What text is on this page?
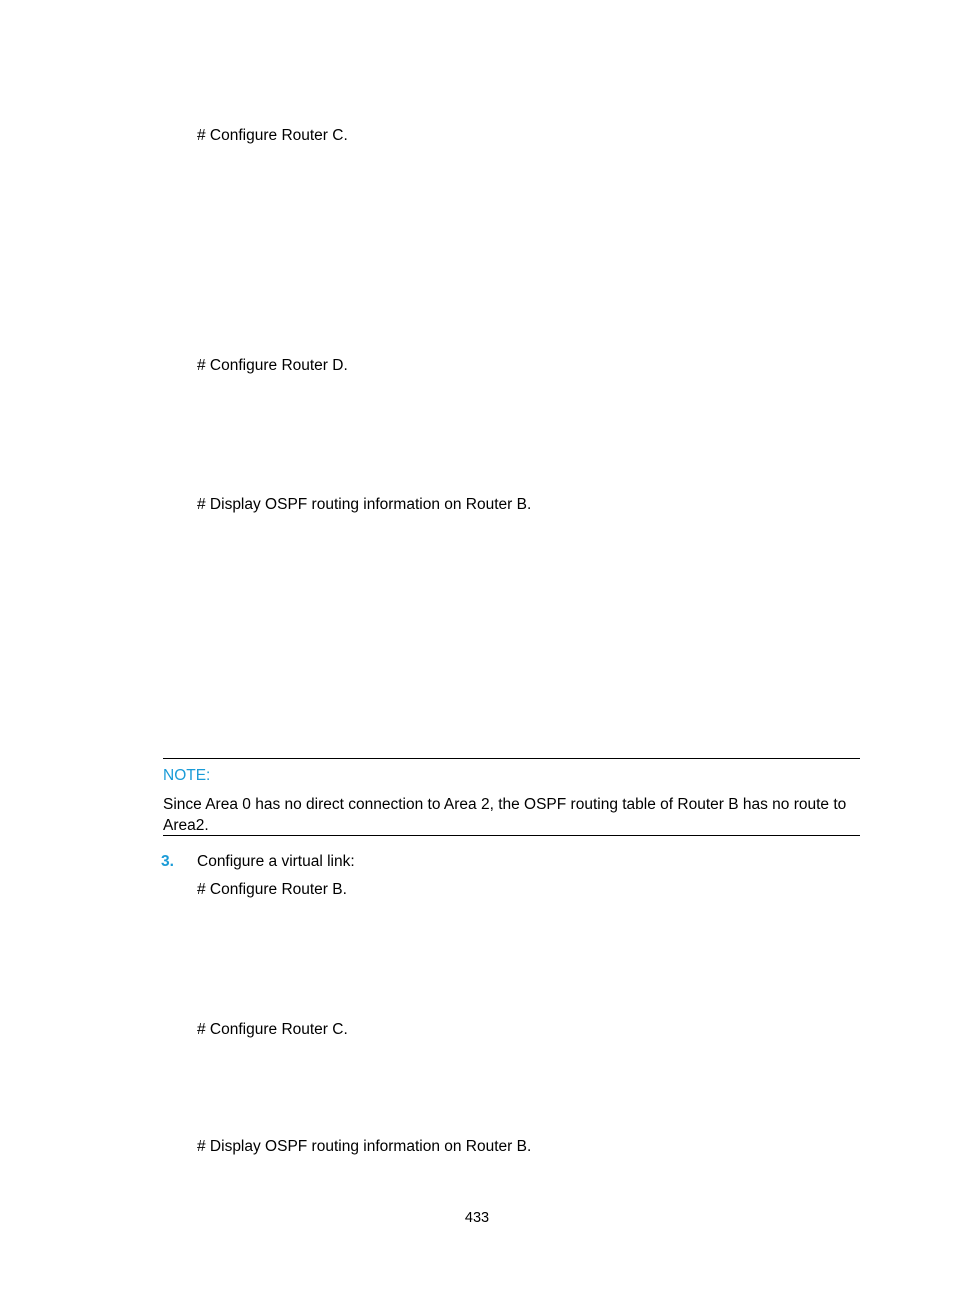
# Configure Router C.
# Configure Router D.
# Display OSPF routing information on Router B.
NOTE:
Since Area 0 has no direct connection to Area 2, the OSPF routing table of Router B has no route to Area2.
3. Configure a virtual link:
# Configure Router B.
# Configure Router C.
# Display OSPF routing information on Router B.
433
